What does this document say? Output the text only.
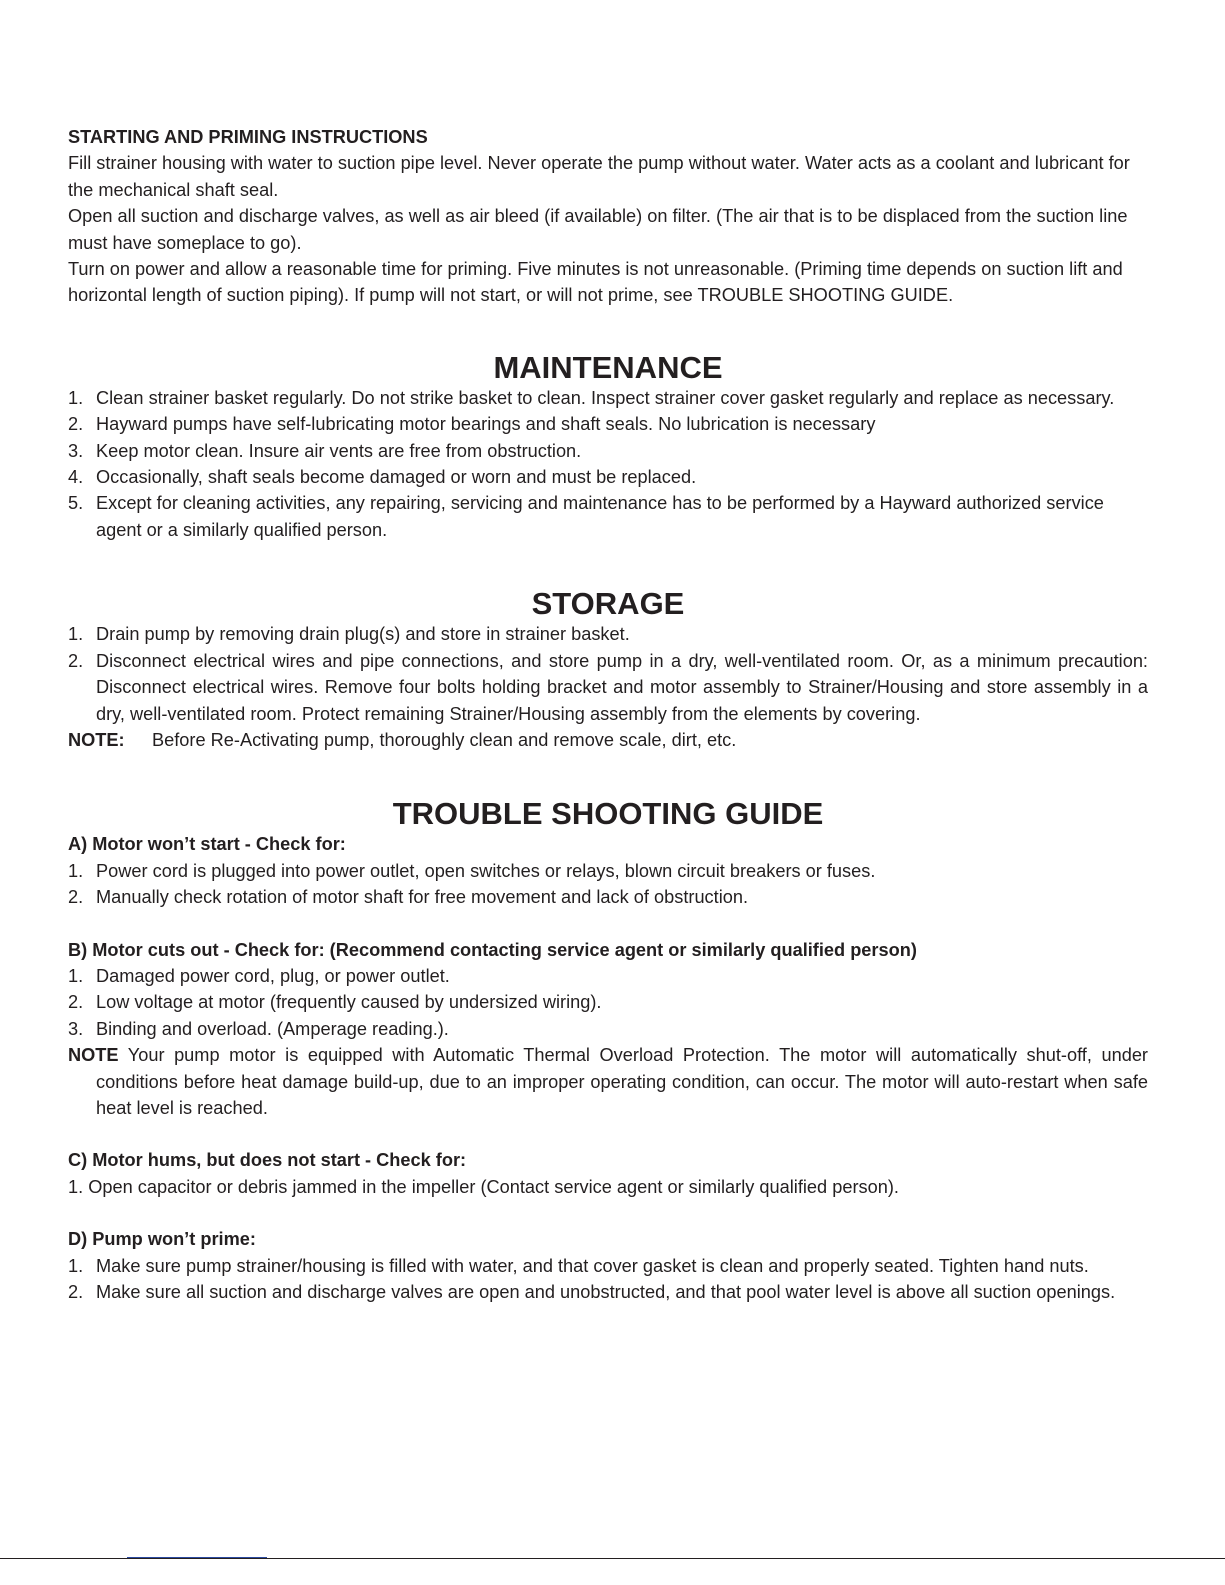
STARTING AND PRIMING INSTRUCTIONS

Fill strainer housing with water to suction pipe level. Never operate the pump without water. Water acts as a coolant and lubricant for the mechanical shaft seal.

Open all suction and discharge valves, as well as air bleed (if available) on filter. (The air that is to be displaced from the suction line must have someplace to go).

Turn on power and allow a reasonable time for priming. Five minutes is not unreasonable. (Priming time depends on suction lift and horizontal length of suction piping). If pump will not start, or will not prime, see TROUBLE SHOOTING GUIDE.

MAINTENANCE

1. Clean strainer basket regularly. Do not strike basket to clean. Inspect strainer cover gasket regularly and replace as necessary.

2. Hayward pumps have self-lubricating motor bearings and shaft seals. No lubrication is necessary

3. Keep motor clean. Insure air vents are free from obstruction.

4. Occasionally, shaft seals become damaged or worn and must be replaced.

5. Except for cleaning activities, any repairing, servicing and maintenance has to be performed by a Hayward authorized service agent or a similarly qualified person.

STORAGE

1. Drain pump by removing drain plug(s) and store in strainer basket.

2. Disconnect electrical wires and pipe connections, and store pump in a dry, well-ventilated room. Or, as a minimum precaution: Disconnect electrical wires. Remove four bolts holding bracket and motor assembly to Strainer/Housing and store assembly in a dry, well-ventilated room. Protect remaining Strainer/Housing assembly from the elements by covering.

NOTE: Before Re-Activating pump, thoroughly clean and remove scale, dirt, etc.

TROUBLE SHOOTING GUIDE

A) Motor won’t start - Check for:

1. Power cord is plugged into power outlet, open switches or relays, blown circuit breakers or fuses.

2. Manually check rotation of motor shaft for free movement and lack of obstruction.

B) Motor cuts out - Check for: (Recommend contacting service agent or similarly qualified person)

1. Damaged power cord, plug, or power outlet.

2. Low voltage at motor (frequently caused by undersized wiring).

3. Binding and overload. (Amperage reading.).

NOTE Your pump motor is equipped with Automatic Thermal Overload Protection. The motor will automatically shut-off, under conditions before heat damage build-up, due to an improper operating condition, can occur. The motor will auto-restart when safe heat level is reached.

C) Motor hums, but does not start - Check for:

1. Open capacitor or debris jammed in the impeller (Contact service agent or similarly qualified person).

D) Pump won’t prime:

1. Make sure pump strainer/housing is filled with water, and that cover gasket is clean and properly seated. Tighten hand nuts.

2. Make sure all suction and discharge valves are open and unobstructed, and that pool water level is above all suction openings.
